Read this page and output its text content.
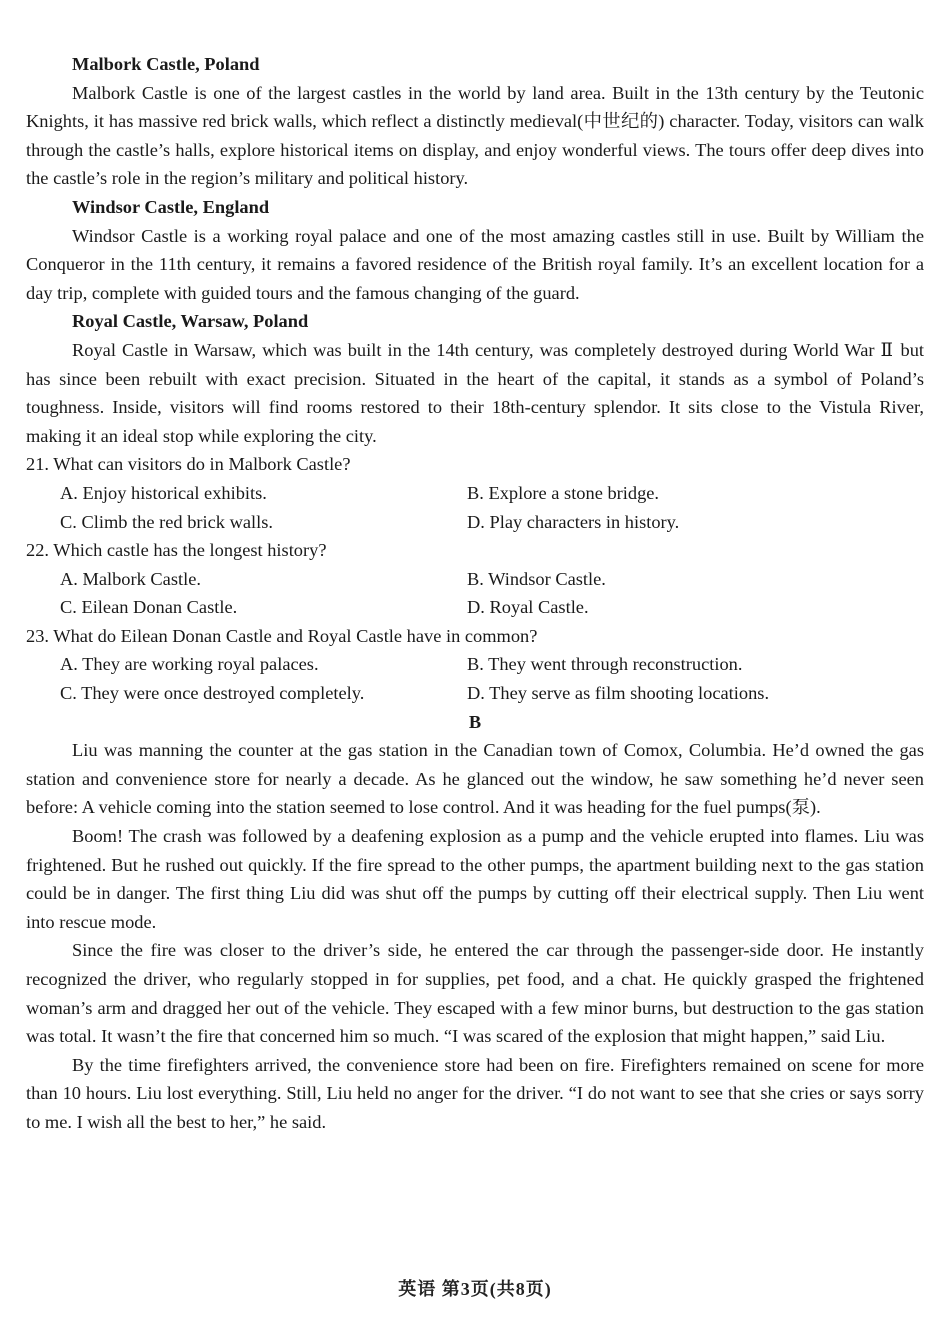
Malbork Castle, Poland

Malbork Castle is one of the largest castles in the world by land area. Built in the 13th century by the Teutonic Knights, it has massive red brick walls, which reflect a distinctly medieval(中世纪的) character. Today, visitors can walk through the castle’s halls, explore historical items on display, and enjoy wonderful views. The tours offer deep dives into the castle’s role in the region’s military and political history.

Windsor Castle, England

Windsor Castle is a working royal palace and one of the most amazing castles still in use. Built by William the Conqueror in the 11th century, it remains a favored residence of the British royal family. It’s an excellent location for a day trip, complete with guided tours and the famous changing of the guard.

Royal Castle, Warsaw, Poland

Royal Castle in Warsaw, which was built in the 14th century, was completely destroyed during World War Ⅱ but has since been rebuilt with exact precision. Situated in the heart of the capital, it stands as a symbol of Poland’s toughness. Inside, visitors will find rooms restored to their 18th-century splendor. It sits close to the Vistula River, making it an ideal stop while exploring the city.

21. What can visitors do in Malbork Castle?

A. Enjoy historical exhibits.	B. Explore a stone bridge.
C. Climb the red brick walls.	D. Play characters in history.

22. Which castle has the longest history?

A. Malbork Castle.	B. Windsor Castle.
C. Eilean Donan Castle.	D. Royal Castle.

23. What do Eilean Donan Castle and Royal Castle have in common?

A. They are working royal palaces.	B. They went through reconstruction.
C. They were once destroyed completely.	D. They serve as film shooting locations.

B

Liu was manning the counter at the gas station in the Canadian town of Comox, Columbia. He’d owned the gas station and convenience store for nearly a decade. As he glanced out the window, he saw something he’d never seen before: A vehicle coming into the station seemed to lose control. And it was heading for the fuel pumps(泵).

Boom! The crash was followed by a deafening explosion as a pump and the vehicle erupted into flames. Liu was frightened. But he rushed out quickly. If the fire spread to the other pumps, the apartment building next to the gas station could be in danger. The first thing Liu did was shut off the pumps by cutting off their electrical supply. Then Liu went into rescue mode.

Since the fire was closer to the driver’s side, he entered the car through the passenger-side door. He instantly recognized the driver, who regularly stopped in for supplies, pet food, and a chat. He quickly grasped the frightened woman’s arm and dragged her out of the vehicle. They escaped with a few minor burns, but destruction to the gas station was total. It wasn’t the fire that concerned him so much. “I was scared of the explosion that might happen,” said Liu.

By the time firefighters arrived, the convenience store had been on fire. Firefighters remained on scene for more than 10 hours. Liu lost everything. Still, Liu held no anger for the driver. “I do not want to see that she cries or says sorry to me. I wish all the best to her,” he said.

英语 第3页(共8页)
